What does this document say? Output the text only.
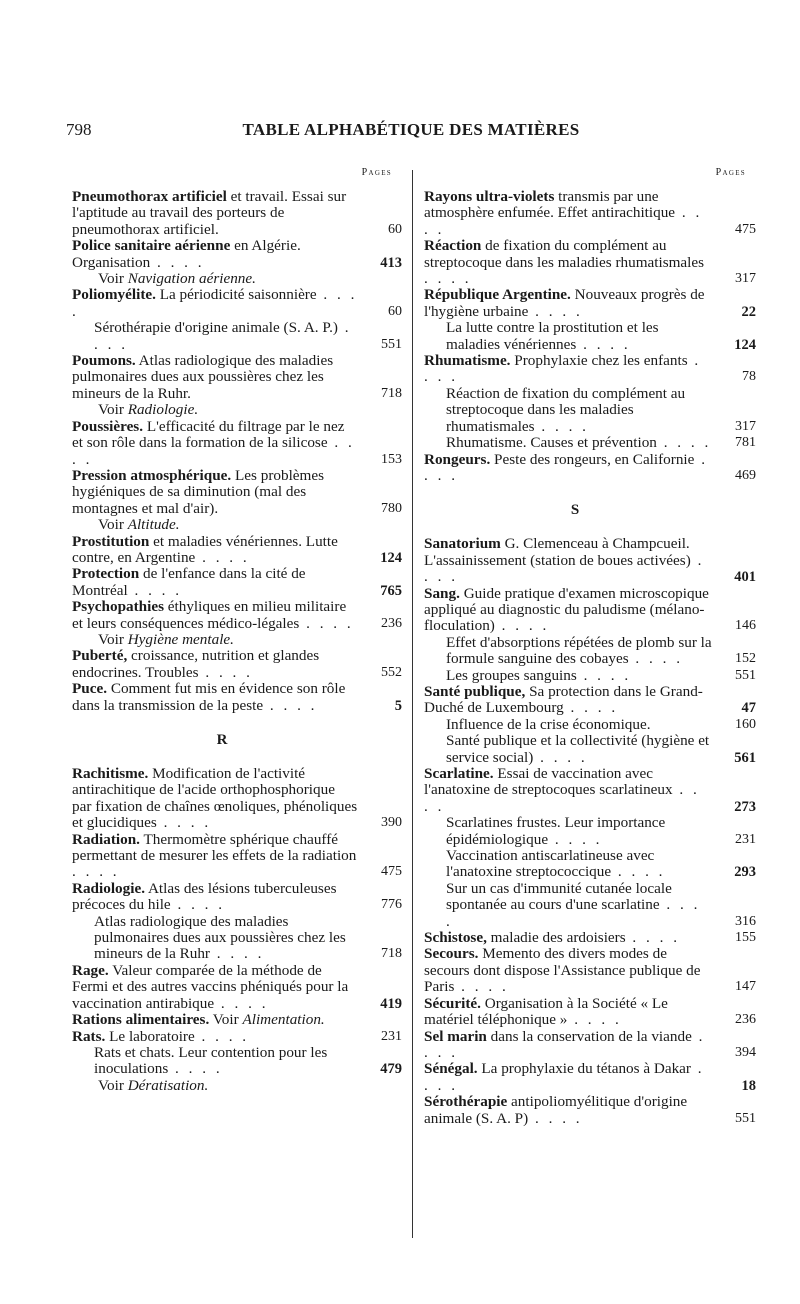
798	TABLE ALPHABÉTIQUE DES MATIÈRES
Pages
Pneumothorax artificiel et travail. Essai sur l'aptitude au travail des porteurs de pneumothorax artificiel.	60
Police sanitaire aérienne en Algérie. Organisation . . . .	413
Voir Navigation aérienne.
Poliomyélite. La périodicité saisonnière . . . .	60
Sérothérapie d'origine animale (S. A. P.) . . . .	551
Poumons. Atlas radiologique des maladies pulmonaires dues aux poussières chez les mineurs de la Ruhr.	718
Voir Radiologie.
Poussières. L'efficacité du filtrage par le nez et son rôle dans la formation de la silicose . . . .	153
Pression atmosphérique. Les problèmes hygiéniques de sa diminution (mal des montagnes et mal d'air).	780
Voir Altitude.
Prostitution et maladies vénériennes. Lutte contre, en Argentine . . . .	124
Protection de l'enfance dans la cité de Montréal . . . .	765
Psychopathies éthyliques en milieu militaire et leurs conséquences médico-légales . . . .	236
Voir Hygiène mentale.
Puberté, croissance, nutrition et glandes endocrines. Troubles . . . .	552
Puce. Comment fut mis en évidence son rôle dans la transmission de la peste . . . .	5
R
Rachitisme. Modification de l'activité antirachitique de l'acide orthophosphorique par fixation de chaînes œnoliques, phénoliques et glucidiques . . . .	390
Radiation. Thermomètre sphérique chauffé permettant de mesurer les effets de la radiation . . . .	475
Radiologie. Atlas des lésions tuberculeuses précoces du hile . . . .	776
Atlas radiologique des maladies pulmonaires dues aux poussières chez les mineurs de la Ruhr . . . .	718
Rage. Valeur comparée de la méthode de Fermi et des autres vaccins phéniqués pour la vaccination antirabique . . . .	419
Rations alimentaires. Voir Alimentation.
Rats. Le laboratoire . . . .	231
Rats et chats. Leur contention pour les inoculations . . . .	479
Voir Dératisation.
Pages
Rayons ultra-violets transmis par une atmosphère enfumée. Effet antirachitique . . . .	475
Réaction de fixation du complément au streptocoque dans les maladies rhumatismales . . . .	317
République Argentine. Nouveaux progrès de l'hygiène urbaine . . . .	22
La lutte contre la prostitution et les maladies vénériennes . . . .	124
Rhumatisme. Prophylaxie chez les enfants . . . .	78
Réaction de fixation du complément au streptocoque dans les maladies rhumatismales . . . .	317
Rhumatisme. Causes et prévention . . . .	781
Rongeurs. Peste des rongeurs, en Californie . . . .	469
S
Sanatorium G. Clemenceau à Champcueil. L'assainissement (station de boues activées) . . . .	401
Sang. Guide pratique d'examen microscopique appliqué au diagnostic du paludisme (mélano-floculation) . . . .	146
Effet d'absorptions répétées de plomb sur la formule sanguine des cobayes . . . .	152
Les groupes sanguins . . . .	551
Santé publique, Sa protection dans le Grand-Duché de Luxembourg . . . .	47
Influence de la crise économique.	160
Santé publique et la collectivité (hygiène et service social) . . . .	561
Scarlatine. Essai de vaccination avec l'anatoxine de streptocoques scarlatineux . . . .	273
Scarlatines frustes. Leur importance épidémiologique . . . .	231
Vaccination antiscarlatineuse avec l'anatoxine streptococcique . . . .	293
Sur un cas d'immunité cutanée locale spontanée au cours d'une scarlatine . . . .	316
Schistose, maladie des ardoisiers . . . .	155
Secours. Memento des divers modes de secours dont dispose l'Assistance publique de Paris . . . .	147
Sécurité. Organisation à la Société « Le matériel téléphonique » . . . .	236
Sel marin dans la conservation de la viande . . . .	394
Sénégal. La prophylaxie du tétanos à Dakar . . . .	18
Sérothérapie antipoliomyélitique d'origine animale (S. A. P) . . . .	551
